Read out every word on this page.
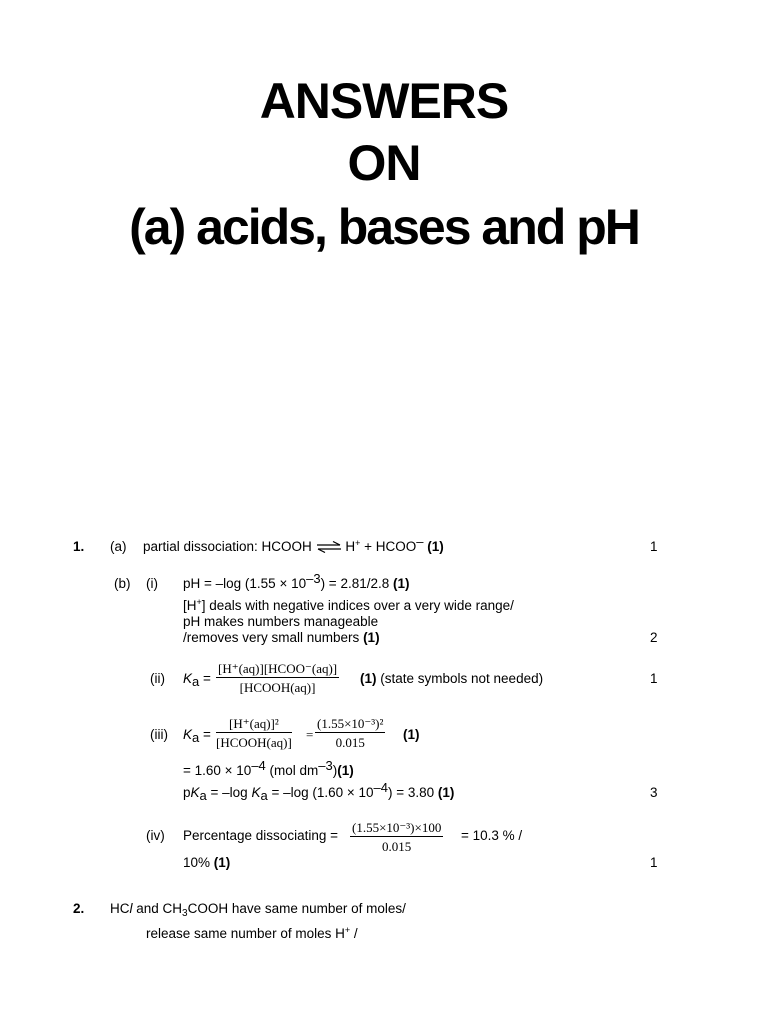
ANSWERS
ON
(a) acids, bases and pH
1. (a) partial dissociation: HCOOH ⇌ H+ + HCOO– (1)	1
(b) (i) pH = –log $(1.55 \times 10^{-3}) = 2.81/2.8$ (1)
[H+] deals with negative indices over a very wide range/
pH makes numbers manageable
/removes very small numbers (1)	2
(ii) Ka =
[H⁺(aq)][HCOO⁻(aq)]
[HCOOH(aq)]
(1) (state symbols not needed)	1
(iii) Ka =
[H⁺(aq)]²
[HCOOH(aq)]
= $\frac{\text{(1.55×10⁻³)²}}{0.015} (1)$
= $1.60 \times 10^{-4}$ (mol $dm^{-3})(1)$
pKa = –log Ka = –log $(1.60 \times 10^{-4}) = 3.80$ (1)	3
(iv) Percentage dissociating = $\frac{\text{(1.55×10⁻³)×100}}{0.015} = 10.3$ % /
10% (1)	1
2. HCl and $CH_3COOH$ have same number of moles/
release same number of moles H+ /
